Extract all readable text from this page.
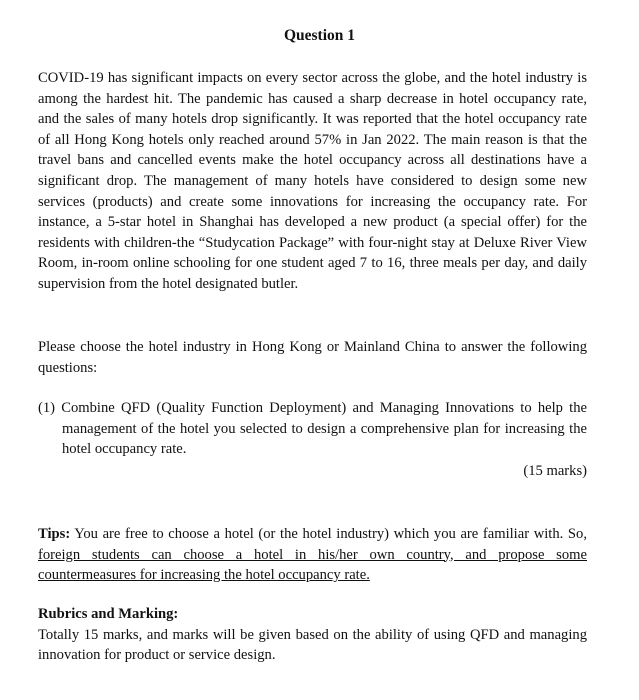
Question 1
COVID-19 has significant impacts on every sector across the globe, and the hotel industry is among the hardest hit. The pandemic has caused a sharp decrease in hotel occupancy rate, and the sales of many hotels drop significantly. It was reported that the hotel occupancy rate of all Hong Kong hotels only reached around 57% in Jan 2022. The main reason is that the travel bans and cancelled events make the hotel occupancy across all destinations have a significant drop. The management of many hotels have considered to design some new services (products) and create some innovations for increasing the occupancy rate. For instance, a 5-star hotel in Shanghai has developed a new product (a special offer) for the residents with children-the “Studycation Package” with four-night stay at Deluxe River View Room, in-room online schooling for one student aged 7 to 16, three meals per day, and daily supervision from the hotel designated butler.
Please choose the hotel industry in Hong Kong or Mainland China to answer the following questions:
(1) Combine QFD (Quality Function Deployment) and Managing Innovations to help the management of the hotel you selected to design a comprehensive plan for increasing the hotel occupancy rate.
(15 marks)
Tips: You are free to choose a hotel (or the hotel industry) which you are familiar with. So, foreign students can choose a hotel in his/her own country, and propose some countermeasures for increasing the hotel occupancy rate.
Rubrics and Marking:
Totally 15 marks, and marks will be given based on the ability of using QFD and managing innovation for product or service design.
